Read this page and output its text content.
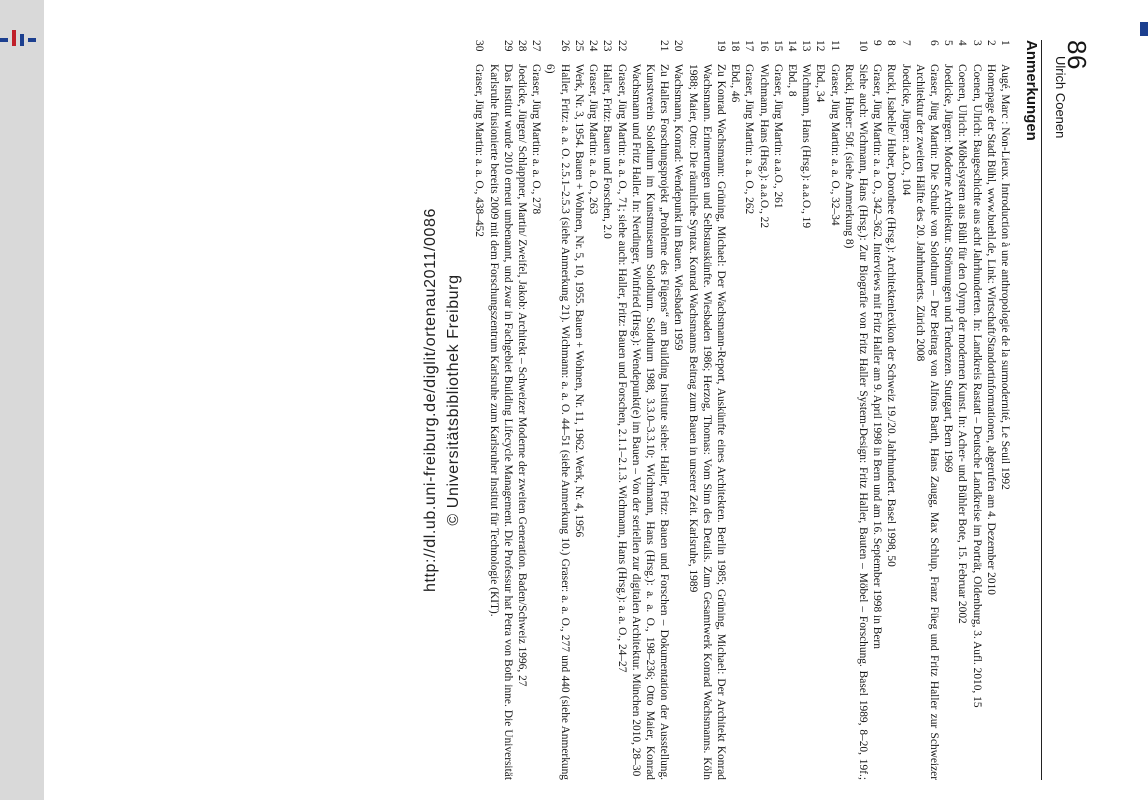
86
Ulrich Coenen
Anmerkungen
1
Augé, Marc : Non-Lieux. Introduction à une anthropologie de la surmodernité, Le Seuil 1992
2
Homepage der Stadt Bühl, www.buehl.de, Link: Wirtschaft/Standortinformationen, abgerufen am 4. Dezember 2010
3
Coenen, Ulrich: Baugeschichte aus acht Jahrhunderten. In: Landkreis Rastatt – Deutsche Landkreise im Porträt, Oldenburg, 3. Aufl. 2010, 15
4
Coenen, Ulrich: Möbelsystem aus Bühl für den Olymp der modernen Kunst. In: Acher- und Bühler Bote, 15. Februar 2002
5
Joedicke, Jürgen: Moderne Architektur. Strömungen und Tendenzen. Stuttgart, Bern 1969
6
Graser, Jürg Martin: Die Schule von Solothurn – Der Beitrag von Alfons Barth, Hans Zaugg, Max Schlup, Franz Füeg und Fritz Haller zur Schweizer Architektur der zweiten Hälfte des 20. Jahrhunderts. Zürich 2008
7
Joedicke, Jürgen: a.a.O., 104
8
Rucki, Isabelle/ Huber, Dorothee (Hrsg.): Architektenlexikon der Schweiz 19./20. Jahrhundert. Basel 1998, 50
9
Graser, Jürg Martin: a. a. O., 342–362. Interviews mit Fritz Haller am 9. April 1998 in Bern und am 16. September 1998 in Bern
10
Siehe auch: Wichmann, Hans (Hrsg.): Zur Biografie von Fritz Haller System-Design: Fritz Haller, Bauten – Möbel – Forschung. Basel 1989, 8–20, 19f.; Rucki, Huber: 50f. (siehe Anmerkung 8)
11
Graser, Jürg Martin: a. a. O., 32–34
12
Ebd., 34
13
Wichmann, Hans (Hrsg.): a.a.O., 19
14
Ebd., 8
15
Graser, Jürg Martin: a.a.O., 261
16
Wichmann, Hans (Hrsg.): a.a.O., 22
17
Graser, Jürg Martin: a. a. O., 262
18
Ebd., 46
19
Zu Konrad Wachsmann: Grüning, Michael: Der Wachsmann-Report, Auskünfte eines Architekten. Berlin 1985; Grüning, Michael: Der Architekt Konrad Wachsmann. Erinnerungen und Selbstauskünfte. Wiesbaden 1986; Herzog, Thomas: Vom Sinn des Details. Zum Gesamtwerk Konrad Wachsmanns. Köln 1988; Maier, Otto: Die räumliche Syntax. Konrad Wachsmanns Beitrag zum Bauen in unserer Zeit. Karlsruhe, 1989
20
Wachsmann, Konrad: Wendepunkt im Bauen. Wiesbaden 1959
21
Zu Hallers Forschungsprojekt „Probleme des Fügens“ am Building Institute siehe: Haller, Fritz: Bauen und Forschen – Dokumentation der Ausstellung. Kunstverein Solothurn im Kunstmuseum Solothurn. Solothurn 1988, 3.3.0–3.3.10; Wichmann, Hans (Hrsg.): a. a. O., 198–236; Otto Maier, Konrad Wachsmann und Fritz Haller. In: Nerdinger, Winfried (Hrsg.): Wendepunkt(e) im Bauen – Von der seriellen zur digitalen Architektur. München 2010, 28–30
22
Graser, Jürg Martin: a. a. O., 71; siehe auch: Haller, Fritz: Bauen und Forschen, 2.1.1–2.1.3. Wichmann, Hans (Hrsg.): a. a. O., 24–27
23
Haller, Fritz: Bauen und Forschen, 2.0
24
Graser, Jürg Martin: a. a. O., 263
25
Werk, Nr. 3, 1954. Bauen + Wohnen, Nr. 5, 10, 1955. Bauen + Wohnen, Nr. 11, 1962. Werk, Nr. 4, 1956
26
Haller, Fritz: a. a. O. 2.5.1–2.5.3 (siehe Anmerkung 21). Wichmann: a. a. O. 44–51 (siehe Anmerkung 10.) Graser: a. a. O., 277 und 440 (siehe Anmerkung 6)
27
Graser, Jürg Martin: a. a. O., 278
28
Joedicke, Jürgen/ Schlappner, Martin/ Zweifel, Jakob: Architekt – Schweizer Moderne der zweiten Generation. Baden/Schweiz 1996, 27
29
Das Institut wurde 2010 erneut umbenannt, und zwar in Fachgebiet Building Lifecycle Management. Die Professur hat Petra von Both inne. Die Universität Karlsruhe fusionierte bereits 2009 mit dem Forschungszentrum Karlsruhe zum Karlsruher Institut für Technologie (KIT).
30
Graser, Jürg Martin: a. a. O., 438–452
http://dl.ub.uni-freiburg.de/diglit/ortenau2011/0086 © Universitätsbibliothek Freiburg
